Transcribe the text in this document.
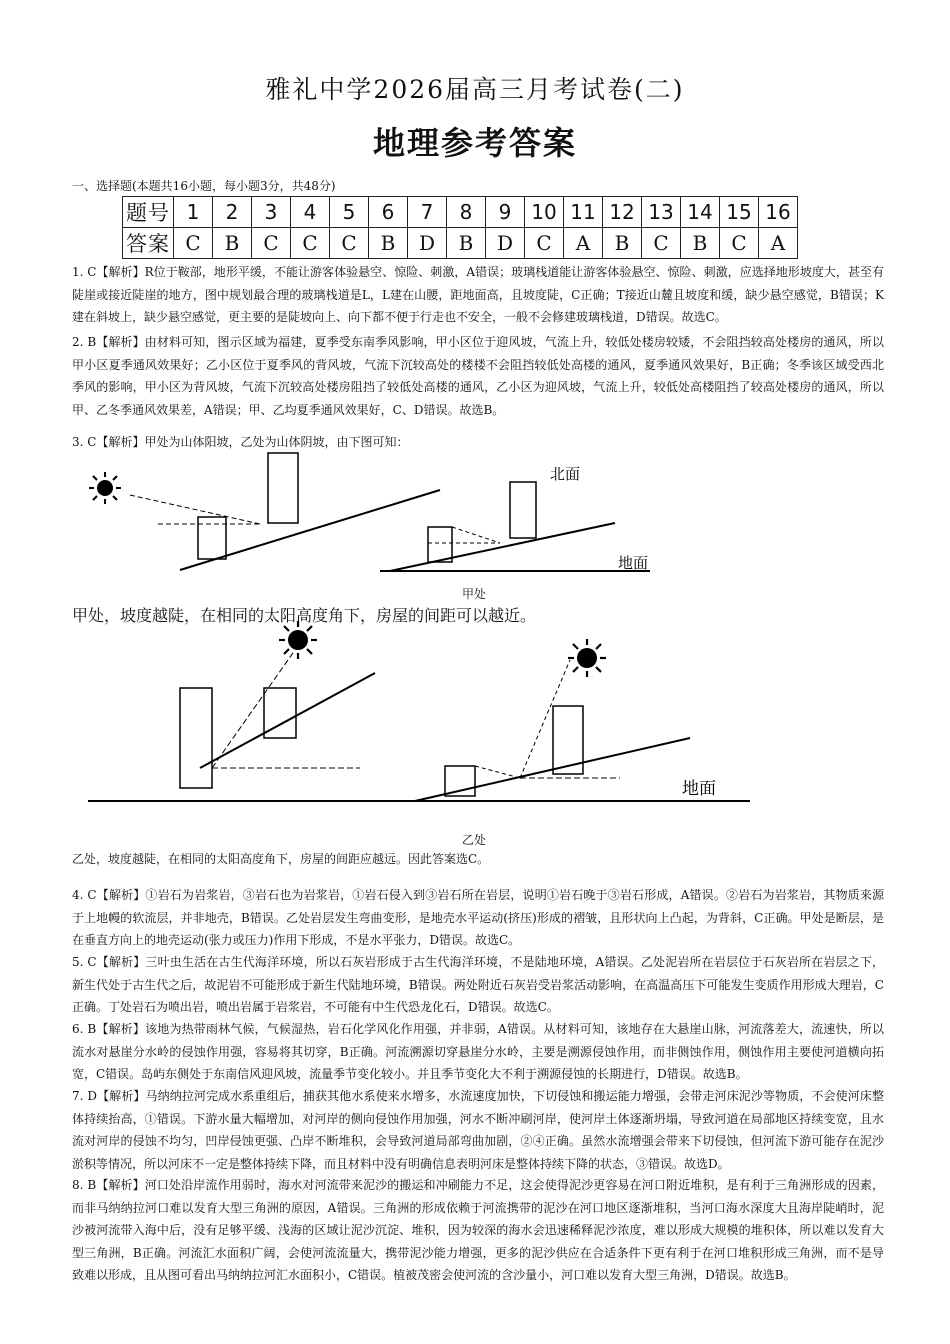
雅礼中学2026届高三月考试卷(二)
地理参考答案
一、选择题(本题共16小题，每小题3分，共48分)
题号	1	2	3	4	5	6	7	8	9	10	11	12	13	14	15	16
答案	C	B	C	C	C	B	D	B	D	C	A	B	C	B	C	A
1. C【解析】R位于鞍部，地形平缓，不能让游客体验悬空、惊险、刺激，A错误；玻璃栈道能让游客体验悬空、惊险、刺激，应选择地形坡度大，甚至有陡崖或接近陡崖的地方，图中规划最合理的玻璃栈道是L，L建在山腰，距地面高，且坡度陡，C正确；T接近山麓且坡度和缓，缺少悬空感觉，B错误；K建在斜坡上，缺少悬空感觉，更主要的是陡坡向上、向下都不便于行走也不安全，一般不会修建玻璃栈道，D错误。故选C。
2. B【解析】由材料可知，图示区域为福建，夏季受东南季风影响，甲小区位于迎风坡，气流上升，较低处楼房较矮，不会阻挡较高处楼房的通风，所以甲小区夏季通风效果好；乙小区位于夏季风的背风坡，气流下沉较高处的楼楼不会阻挡较低处高楼的通风，夏季通风效果好，B正确；冬季该区域受西北季风的影响，甲小区为背风坡，气流下沉较高处楼房阻挡了较低处高楼的通风，乙小区为迎风坡，气流上升，较低处高楼阻挡了较高处楼房的通风，所以甲、乙冬季通风效果差，A错误；甲、乙均夏季通风效果好，C、D错误。故选B。
3. C【解析】甲处为山体阳坡，乙处为山体阴坡，由下图可知：
北面
地面
甲处
甲处，坡度越陡，在相同的太阳高度角下，房屋的间距可以越近。
地面
乙处
乙处，坡度越陡，在相同的太阳高度角下，房屋的间距应越远。因此答案选C。
4. C【解析】①岩石为岩浆岩，③岩石也为岩浆岩，①岩石侵入到③岩石所在岩层，说明①岩石晚于③岩石形成，A错误。②岩石为岩浆岩，其物质来源于上地幔的软流层，并非地壳，B错误。乙处岩层发生弯曲变形，是地壳水平运动(挤压)形成的褶皱，且形状向上凸起，为背斜，C正确。甲处是断层，是在垂直方向上的地壳运动(张力或压力)作用下形成，不是水平张力，D错误。故选C。
5. C【解析】三叶虫生活在古生代海洋环境，所以石灰岩形成于古生代海洋环境，不是陆地环境，A错误。乙处泥岩所在岩层位于石灰岩所在岩层之下，新生代处于古生代之后，故泥岩不可能形成于新生代陆地环境，B错误。两处附近石灰岩受岩浆活动影响，在高温高压下可能发生变质作用形成大理岩，C正确。丁处岩石为喷出岩，喷出岩属于岩浆岩，不可能有中生代恐龙化石，D错误。故选C。
6. B【解析】该地为热带雨林气候，气候湿热，岩石化学风化作用强，并非弱，A错误。从材料可知，该地存在大悬崖山脉，河流落差大，流速快，所以流水对悬崖分水岭的侵蚀作用强，容易将其切穿，B正确。河流溯源切穿悬崖分水岭，主要是溯源侵蚀作用，而非侧蚀作用，侧蚀作用主要使河道横向拓宽，C错误。岛屿东侧处于东南信风迎风坡，流量季节变化较小。并且季节变化大不利于溯源侵蚀的长期进行，D错误。故选B。
7. D【解析】马纳纳拉河完成水系重组后，捕获其他水系使来水增多，水流速度加快，下切侵蚀和搬运能力增强，会带走河床泥沙等物质，不会使河床整体持续抬高，①错误。下游水量大幅增加，对河岸的侧向侵蚀作用加强，河水不断冲刷河岸，使河岸土体逐渐坍塌，导致河道在局部地区持续变宽，且水流对河岸的侵蚀不均匀，凹岸侵蚀更强、凸岸不断堆积，会导致河道局部弯曲加剧，②④正确。虽然水流增强会带来下切侵蚀，但河流下游可能存在泥沙淤积等情况，所以河床不一定是整体持续下降，而且材料中没有明确信息表明河床是整体持续下降的状态，③错误。故选D。
8. B【解析】河口处沿岸流作用弱时，海水对河流带来泥沙的搬运和冲刷能力不足，这会使得泥沙更容易在河口附近堆积，是有利于三角洲形成的因素，而非马纳纳拉河口难以发育大型三角洲的原因，A错误。三角洲的形成依赖于河流携带的泥沙在河口地区逐渐堆积，当河口海水深度大且海岸陡峭时，泥沙被河流带入海中后，没有足够平缓、浅海的区域让泥沙沉淀、堆积，因为较深的海水会迅速稀释泥沙浓度，难以形成大规模的堆积体，所以难以发育大型三角洲，B正确。河流汇水面积广阔，会使河流流量大，携带泥沙能力增强，更多的泥沙供应在合适条件下更有利于在河口堆积形成三角洲，而不是导致难以形成，且从图可看出马纳纳拉河汇水面积小，C错误。植被茂密会使河流的含沙量小，河口难以发育大型三角洲，D错误。故选B。
